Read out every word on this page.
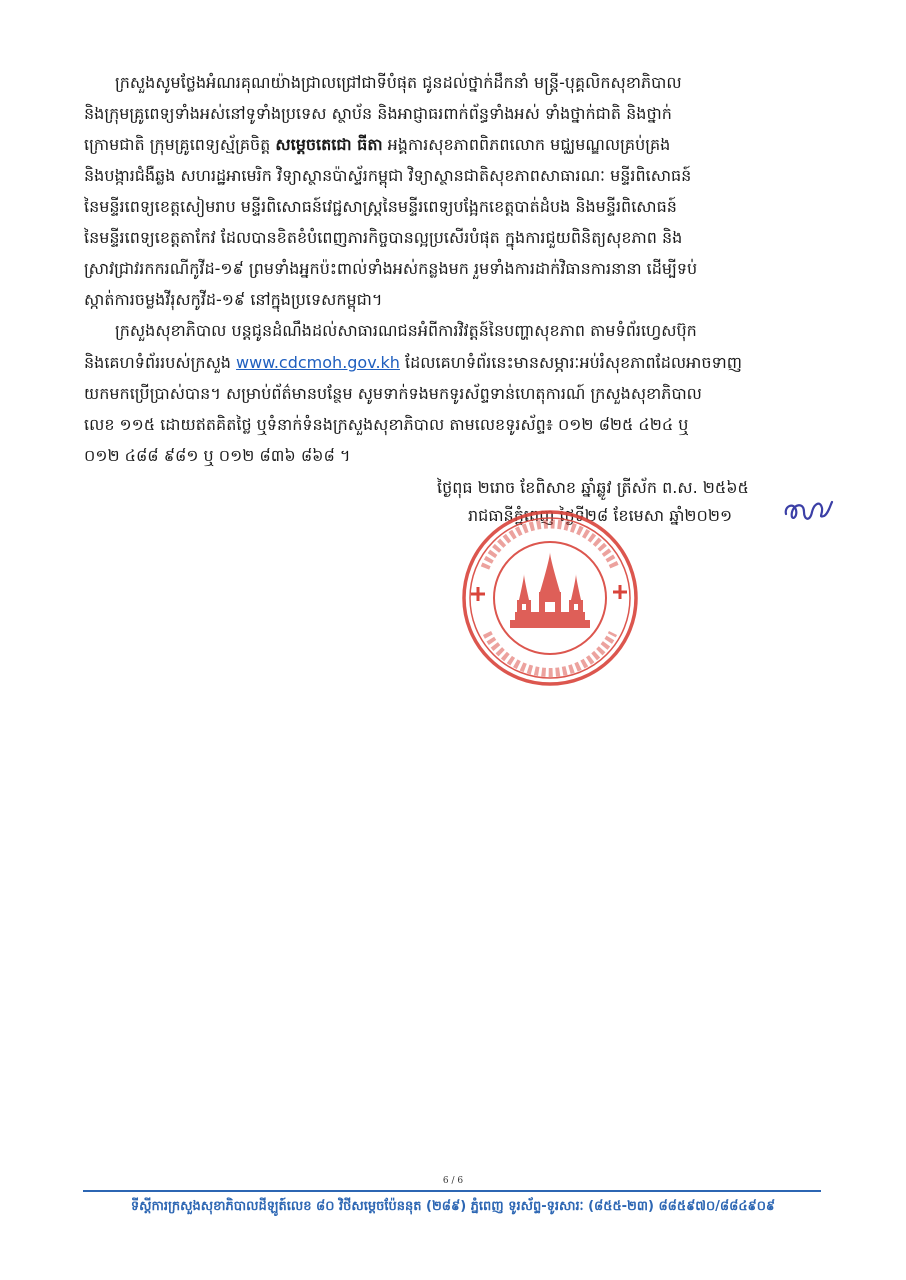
ក្រសួងសូមថ្លែងអំណរគុណយ៉ាងជ្រាលជ្រៅជាទីបំផុត ជូនដល់ថ្នាក់ដឹកនាំ មន្ត្រី-បុគ្គលិកសុខាភិបាល
និងក្រុមគ្រូពេទ្យទាំងអស់នៅទូទាំងប្រទេស ស្ថាប័ន និងអាជ្ញាធរពាក់ព័ន្ធទាំងអស់ ទាំងថ្នាក់ជាតិ និងថ្នាក់
ក្រោមជាតិ ក្រុមគ្រូពេទ្យស្ម័គ្រចិត្ត សម្តេចតេជោ ធីតា អង្គការសុខភាពពិភពលោក មជ្ឈមណ្ឌលគ្រប់គ្រង
និងបង្ការជំងឺឆ្លង សហរដ្ឋអាមេរិក វិទ្យាស្ថានប៉ាស្ទ័រកម្ពុជា វិទ្យាស្ថានជាតិសុខភាពសាធារណៈ មន្ទីរពិសោធន៍
នៃមន្ទីរពេទ្យខេត្តសៀមរាប មន្ទីរពិសោធន៍វេជ្ជសាស្ត្រនៃមន្ទីរពេទ្យបង្អែកខេត្តបាត់ដំបង និងមន្ទីរពិសោធន៍
នៃមន្ទីរពេទ្យខេត្តតាកែវ ដែលបានខិតខំបំពេញភារកិច្ចបានល្អប្រសើរបំផុត ក្នុងការជួយពិនិត្យសុខភាព និង
ស្រាវជ្រាវរកករណីកូវីដ-១៩ ព្រមទាំងអ្នកប៉ះពាល់ទាំងអស់កន្លងមក រួមទាំងការដាក់វិធានការនានា ដើម្បីទប់
ស្កាត់ការចម្លងវីរុសកូវីដ-១៩ នៅក្នុងប្រទេសកម្ពុជា។
ក្រសួងសុខាភិបាល បន្តជូនដំណឹងដល់សាធារណជនអំពីការវិវត្តន៍នៃបញ្ហាសុខភាព តាមទំព័រហ្វេសប៊ុក
និងគេហទំព័ររបស់ក្រសួង www.cdcmoh.gov.kh ដែលគេហទំព័រនេះមានសម្ភារៈអប់រំសុខភាពដែលអាចទាញ
យកមកប្រើប្រាស់បាន។ សម្រាប់ព័ត៌មានបន្ថែម សូមទាក់ទងមកទូរស័ព្ទទាន់ហេតុការណ៍ ក្រសួងសុខាភិបាល
លេខ ១១៥ ដោយឥតគិតថ្លៃ ឬទំនាក់ទំនងក្រសួងសុខាភិបាល តាមលេខទូរស័ព្ទ៖ ០១២ ៨២៥ ៤២៤ ឬ
០១២ ៤៨៨ ៩៨១ ឬ ០១២ ៨៣៦ ៨៦៨ ។
ថ្ងៃពុធ ២រោច ខែពិសាខ ឆ្នាំឆ្លូវ ត្រីស័ក ព.ស. ២៥៦៥
រាជធានីភ្នំពេញ ថ្ងៃទី២៨ ខែមេសា ឆ្នាំ២០២១
6 / 6
ទីស្តីការក្រសួងសុខាភិបាលដីឡូត៍លេខ ៨០ វិថីសម្តេចប៉ែននុត (២៨៩) ភ្នំពេញ ទូរស័ព្ទ-ទូរសារៈ (៨៥៥-២៣) ៨៨៥៩៧០/៨៨៤៩០៩
